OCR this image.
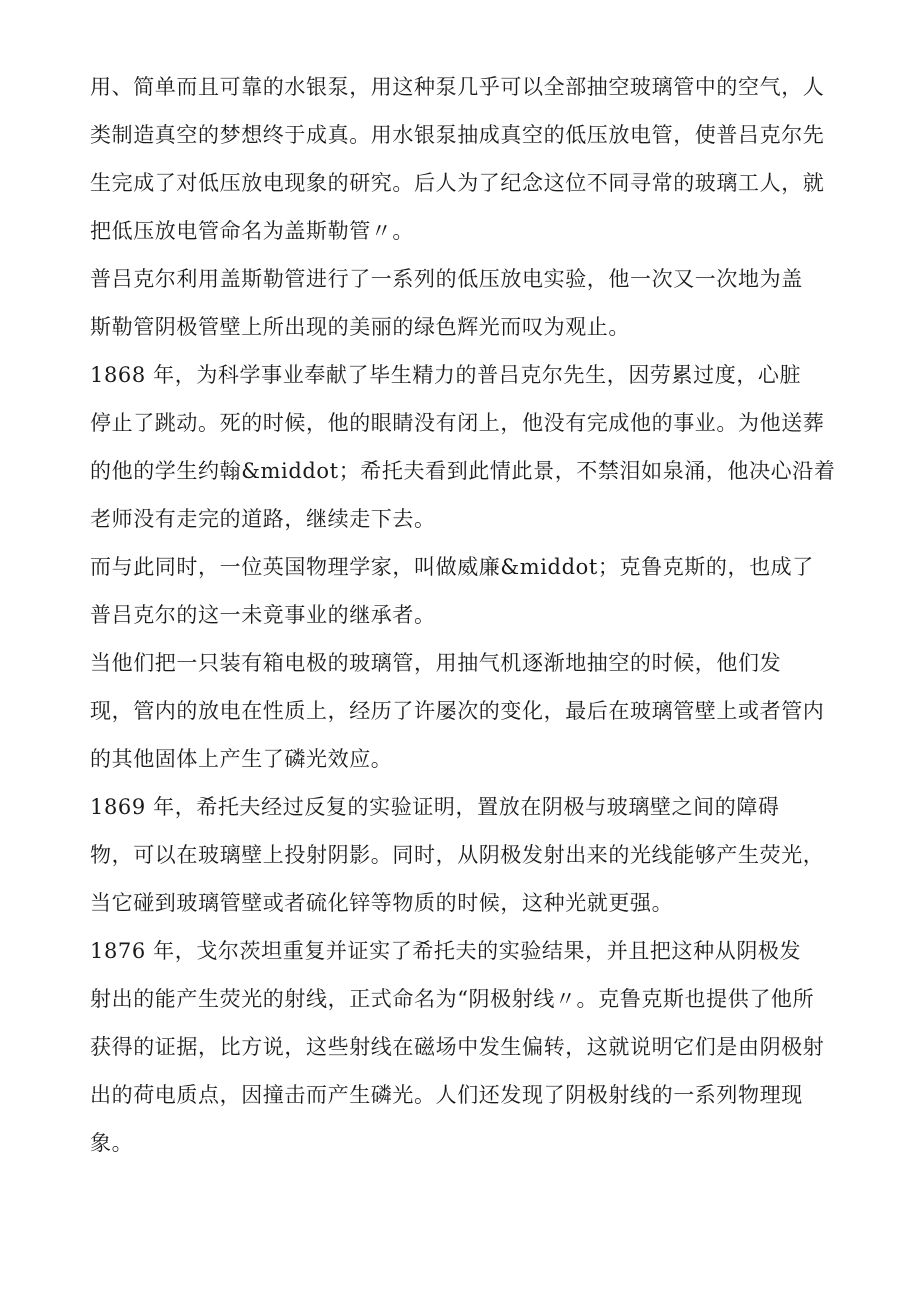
用、简单而且可靠的水银泵，用这种泵几乎可以全部抽空玻璃管中的空气，人
类制造真空的梦想终于成真。用水银泵抽成真空的低压放电管，使普吕克尔先
生完成了对低压放电现象的研究。后人为了纪念这位不同寻常的玻璃工人，就
把低压放电管命名为盖斯勒管〃。
普吕克尔利用盖斯勒管进行了一系列的低压放电实验，他一次又一次地为盖
斯勒管阴极管壁上所出现的美丽的绿色辉光而叹为观止。
1868 年，为科学事业奉献了毕生精力的普吕克尔先生，因劳累过度，心脏
停止了跳动。死的时候，他的眼睛没有闭上，他没有完成他的事业。为他送葬
的他的学生约翰&middot；希托夫看到此情此景，不禁泪如泉涌，他决心沿着
老师没有走完的道路，继续走下去。
而与此同时，一位英国物理学家，叫做威廉&middot；克鲁克斯的，也成了
普吕克尔的这一未竟事业的继承者。
当他们把一只装有箱电极的玻璃管，用抽气机逐渐地抽空的时候，他们发
现，管内的放电在性质上，经历了许屡次的变化，最后在玻璃管壁上或者管内
的其他固体上产生了磷光效应。
1869 年，希托夫经过反复的实验证明，置放在阴极与玻璃壁之间的障碍
物，可以在玻璃壁上投射阴影。同时，从阴极发射出来的光线能够产生荧光，
当它碰到玻璃管壁或者硫化锌等物质的时候，这种光就更强。
1876 年，戈尔茨坦重复并证实了希托夫的实验结果，并且把这种从阴极发
射出的能产生荧光的射线，正式命名为“阴极射线〃。克鲁克斯也提供了他所
获得的证据，比方说，这些射线在磁场中发生偏转，这就说明它们是由阴极射
出的荷电质点，因撞击而产生磷光。人们还发现了阴极射线的一系列物理现
象。
